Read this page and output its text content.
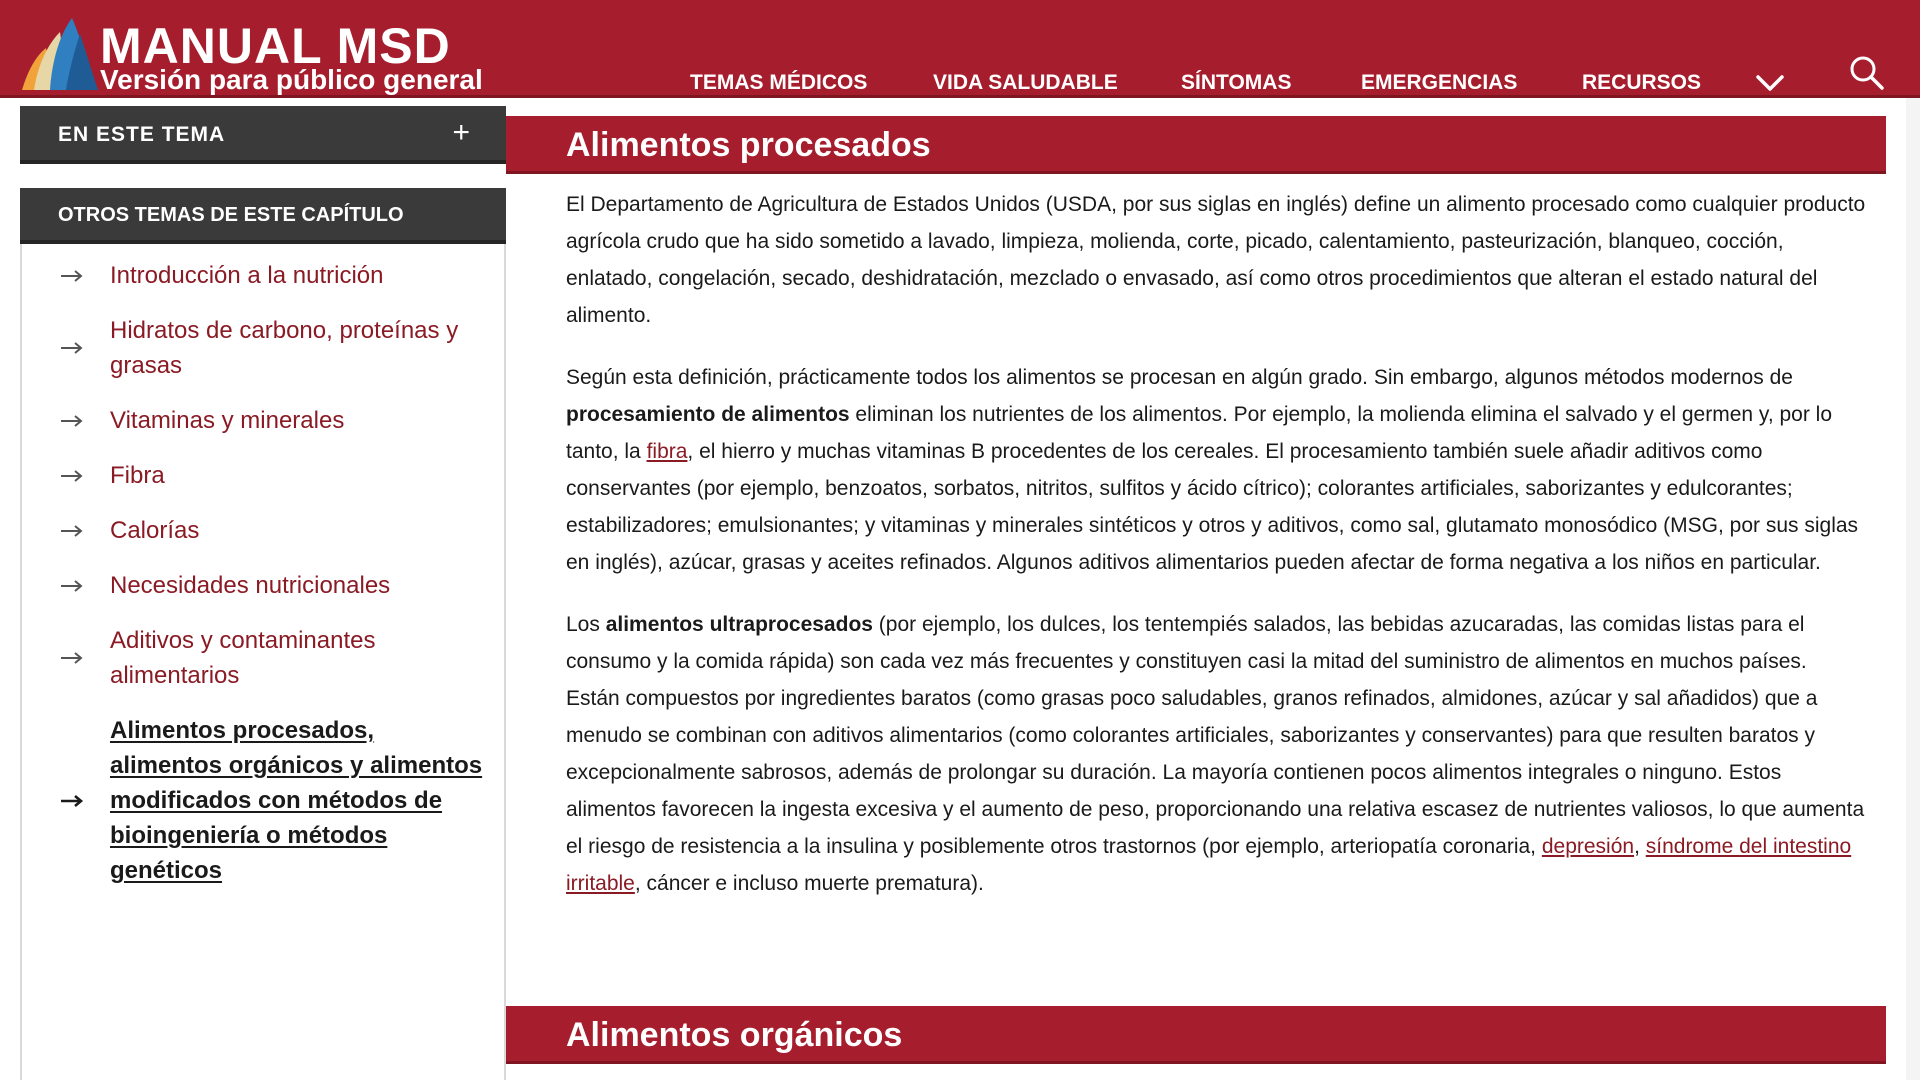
MANUAL MSD
Versión para público general	TEMAS MÉDICOS	VIDA SALUDABLE	SÍNTOMAS	EMERGENCIAS	RECURSOS
EN ESTE TEMA	+
OTROS TEMAS DE ESTE CAPÍTULO
Introducción a la nutrición
Hidratos de carbono, proteínas y grasas
Vitaminas y minerales
Fibra
Calorías
Necesidades nutricionales
Aditivos y contaminantes alimentarios
Alimentos procesados, alimentos orgánicos y alimentos modificados con métodos de bioingeniería o métodos genéticos
Alimentos procesados

El Departamento de Agricultura de Estados Unidos (USDA, por sus siglas en inglés) define un alimento procesado como cualquier producto agrícola crudo que ha sido sometido a lavado, limpieza, molienda, corte, picado, calentamiento, pasteurización, blanqueo, cocción, enlatado, congelación, secado, deshidratación, mezclado o envasado, así como otros procedimientos que alteran el estado natural del alimento.

Según esta definición, prácticamente todos los alimentos se procesan en algún grado. Sin embargo, algunos métodos modernos de procesamiento de alimentos eliminan los nutrientes de los alimentos. Por ejemplo, la molienda elimina el salvado y el germen y, por lo tanto, la fibra, el hierro y muchas vitaminas B procedentes de los cereales. El procesamiento también suele añadir aditivos como conservantes (por ejemplo, benzoatos, sorbatos, nitritos, sulfitos y ácido cítrico); colorantes artificiales, saborizantes y edulcorantes; estabilizadores; emulsionantes; y vitaminas y minerales sintéticos y otros y aditivos, como sal, glutamato monosódico (MSG, por sus siglas en inglés), azúcar, grasas y aceites refinados. Algunos aditivos alimentarios pueden afectar de forma negativa a los niños en particular.

Los alimentos ultraprocesados (por ejemplo, los dulces, los tentempiés salados, las bebidas azucaradas, las comidas listas para el consumo y la comida rápida) son cada vez más frecuentes y constituyen casi la mitad del suministro de alimentos en muchos países. Están compuestos por ingredientes baratos (como grasas poco saludables, granos refinados, almidones, azúcar y sal añadidos) que a menudo se combinan con aditivos alimentarios (como colorantes artificiales, saborizantes y conservantes) para que resulten baratos y excepcionalmente sabrosos, además de prolongar su duración. La mayoría contienen pocos alimentos integrales o ninguno. Estos alimentos favorecen la ingesta excesiva y el aumento de peso, proporcionando una relativa escasez de nutrientes valiosos, lo que aumenta el riesgo de resistencia a la insulina y posiblemente otros trastornos (por ejemplo, arteriopatía coronaria, depresión, síndrome del intestino irritable, cáncer e incluso muerte prematura).

Alimentos orgánicos
